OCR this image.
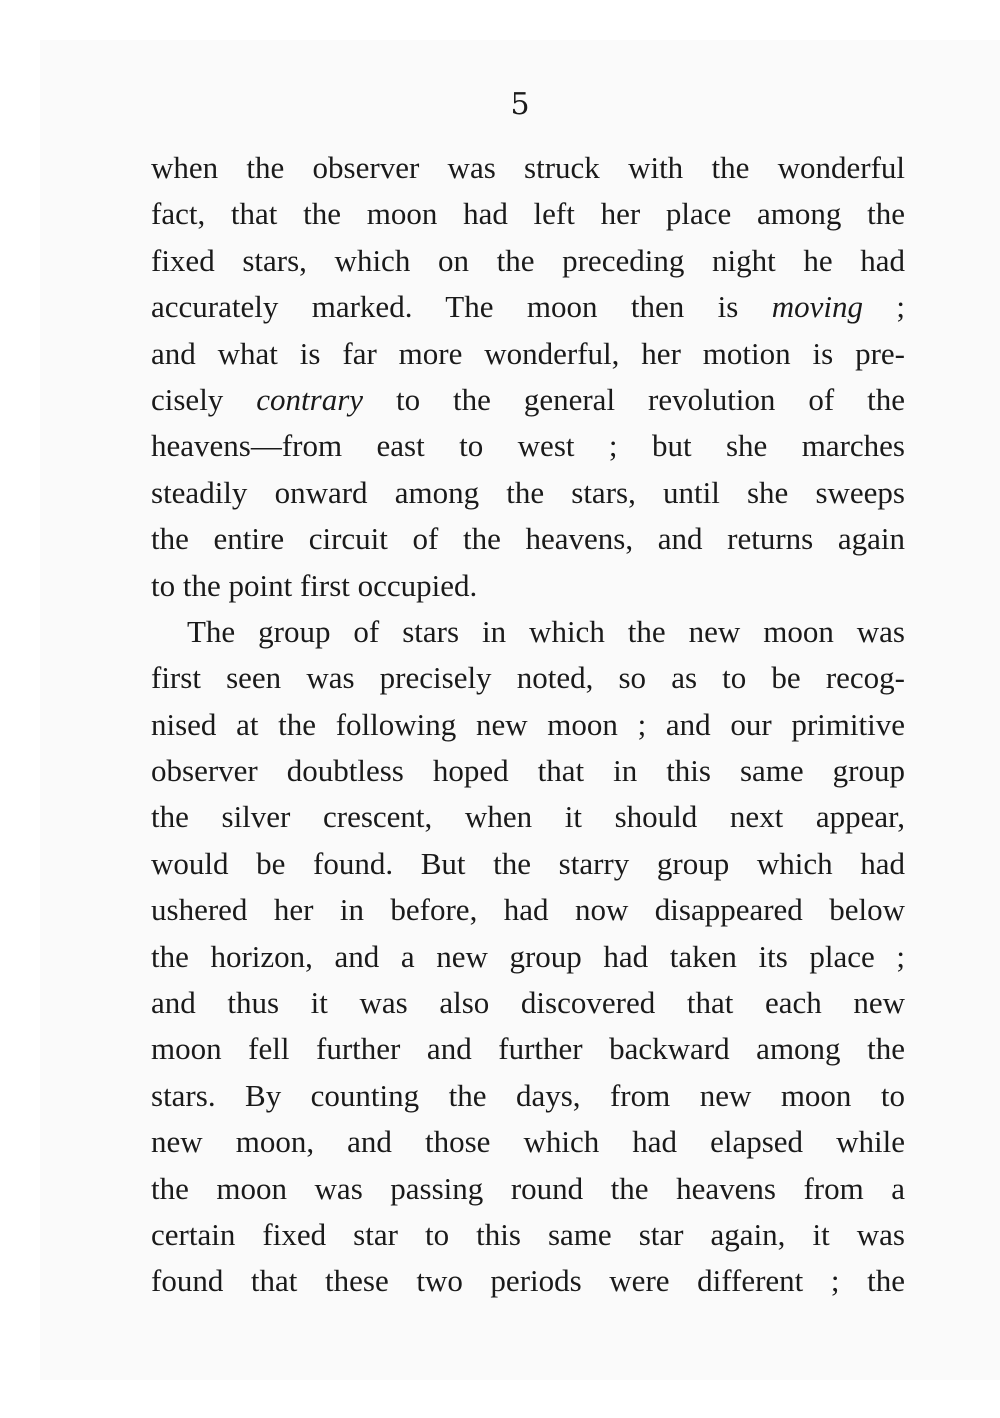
5
when the observer was struck with the wonderful
fact, that the moon had left her place among the
fixed stars, which on the preceding night he had
accurately marked. The moon then is moving ;
and what is far more wonderful, her motion is pre-
cisely contrary to the general revolution of the
heavens—from east to west ; but she marches
steadily onward among the stars, until she sweeps
the entire circuit of the heavens, and returns again
to the point first occupied.
The group of stars in which the new moon was
first seen was precisely noted, so as to be recog-
nised at the following new moon ; and our primitive
observer doubtless hoped that in this same group
the silver crescent, when it should next appear,
would be found. But the starry group which had
ushered her in before, had now disappeared below
the horizon, and a new group had taken its place ;
and thus it was also discovered that each new
moon fell further and further backward among the
stars. By counting the days, from new moon to
new moon, and those which had elapsed while
the moon was passing round the heavens from a
certain fixed star to this same star again, it was
found that these two periods were different ; the
